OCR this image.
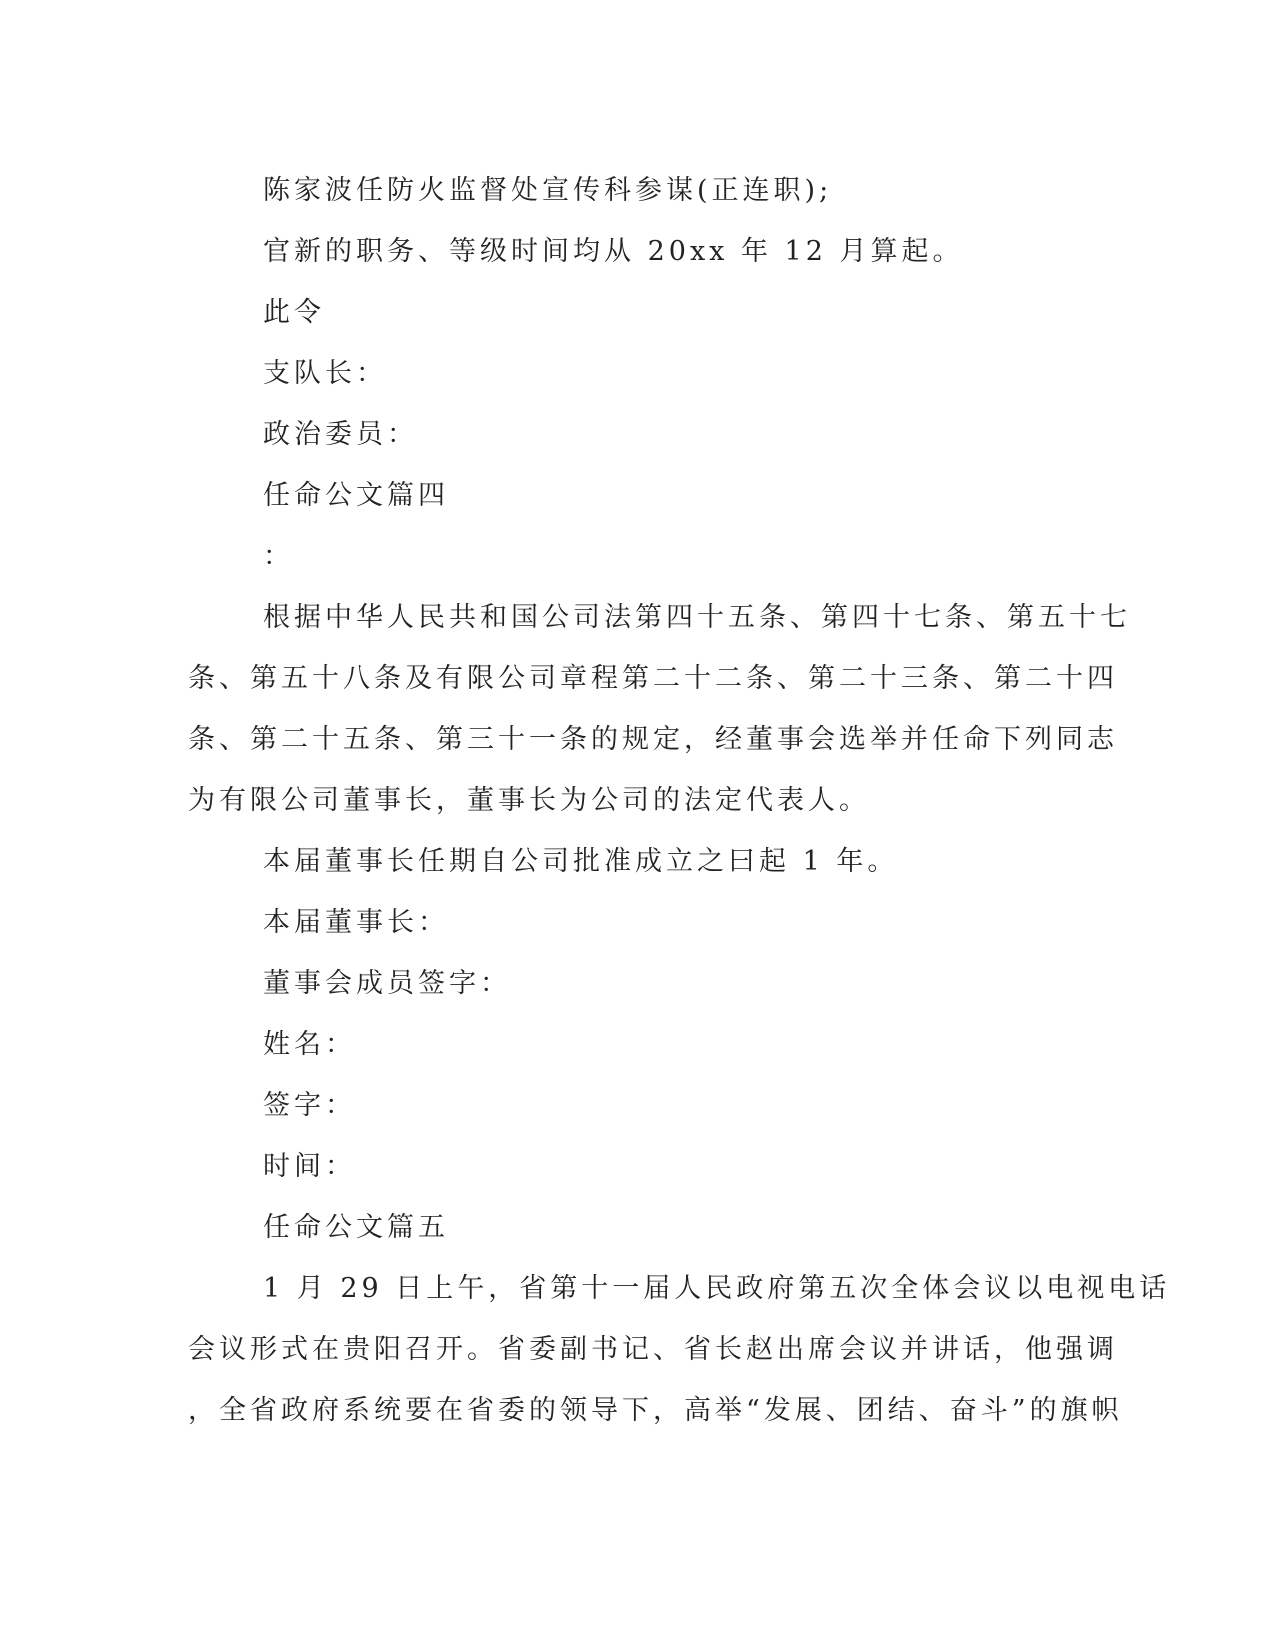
陈家波任防火监督处宣传科参谋(正连职);

官新的职务、等级时间均从 20xx 年 12 月算起。

此令

支队长：

政治委员：

任命公文篇四

：

根据中华人民共和国公司法第四十五条、第四十七条、第五十七

条、第五十八条及有限公司章程第二十二条、第二十三条、第二十四

条、第二十五条、第三十一条的规定，经董事会选举并任命下列同志

为有限公司董事长，董事长为公司的法定代表人。

本届董事长任期自公司批准成立之曰起 1 年。

本届董事长：

董事会成员签字：

姓名：

签字：

时间：

任命公文篇五

1 月 29 日上午，省第十一届人民政府第五次全体会议以电视电话

会议形式在贵阳召开。省委副书记、省长赵出席会议并讲话，他强调

，全省政府系统要在省委的领导下，高举“发展、团结、奋斗”的旗帜
